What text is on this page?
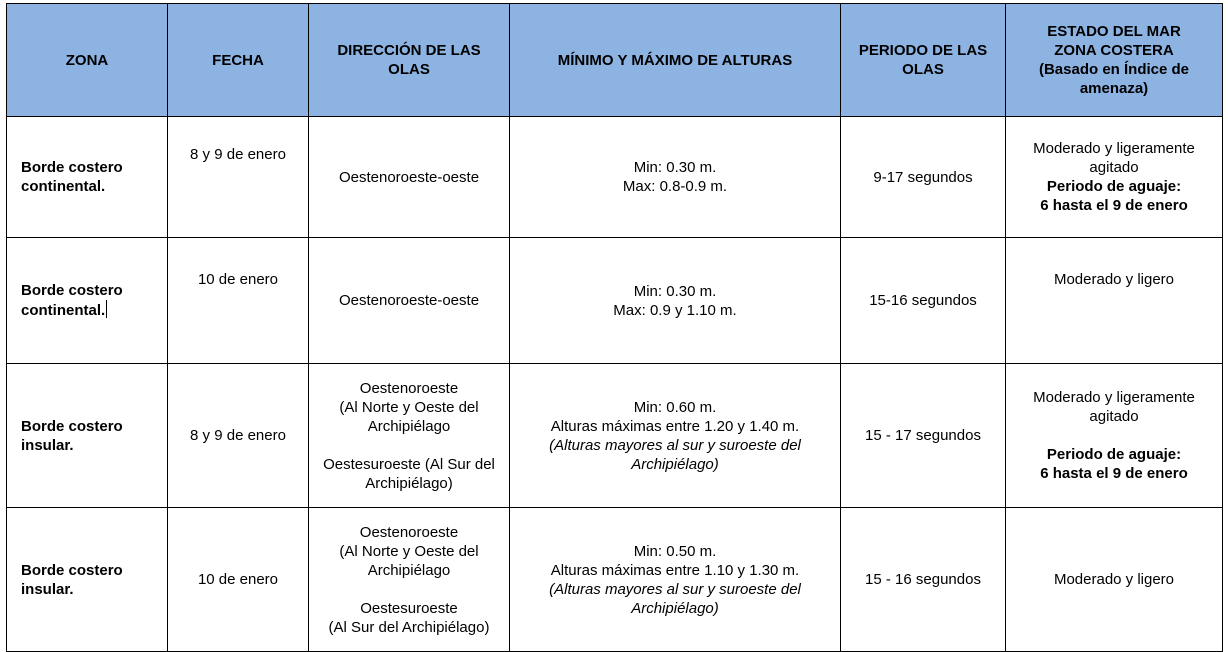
ZONA	FECHA	DIRECCIÓN DE LAS OLAS	MÍNIMO Y MÁXIMO DE ALTURAS	PERIODO DE LAS OLAS	ESTADO DEL MAR
ZONA COSTERA
(Basado en Índice de amenaza)

Borde costero continental.	8 y 9 de enero	Oestenoroeste-oeste	Min: 0.30 m.
Max: 0.8-0.9 m.	9-17 segundos	Moderado y ligeramente agitado
Periodo de aguaje:
6 hasta el 9 de enero

Borde costero continental.	10 de enero	Oestenoroeste-oeste	Min: 0.30 m.
Max: 0.9 y 1.10 m.	15-16 segundos	Moderado y ligero
Borde costero insular.	8 y 9 de enero	Oestenoroeste
(Al Norte y Oeste del Archipiélago
Oestesuroeste (Al Sur del Archipiélago)	Min: 0.60 m.
Alturas máximas entre 1.20 y 1.40 m.
(Alturas mayores al sur y suroeste del Archipiélago)	15 - 17 segundos	Moderado y ligeramente agitado
Periodo de aguaje:
6 hasta el 9 de enero

Borde costero insular.	10 de enero	Oestenoroeste
(Al Norte y Oeste del Archipiélago
Oestesuroeste
(Al Sur del Archipiélago)	Min: 0.50 m.
Alturas máximas entre 1.10 y 1.30 m.
(Alturas mayores al sur y suroeste del Archipiélago)	15 - 16 segundos	Moderado y ligero
